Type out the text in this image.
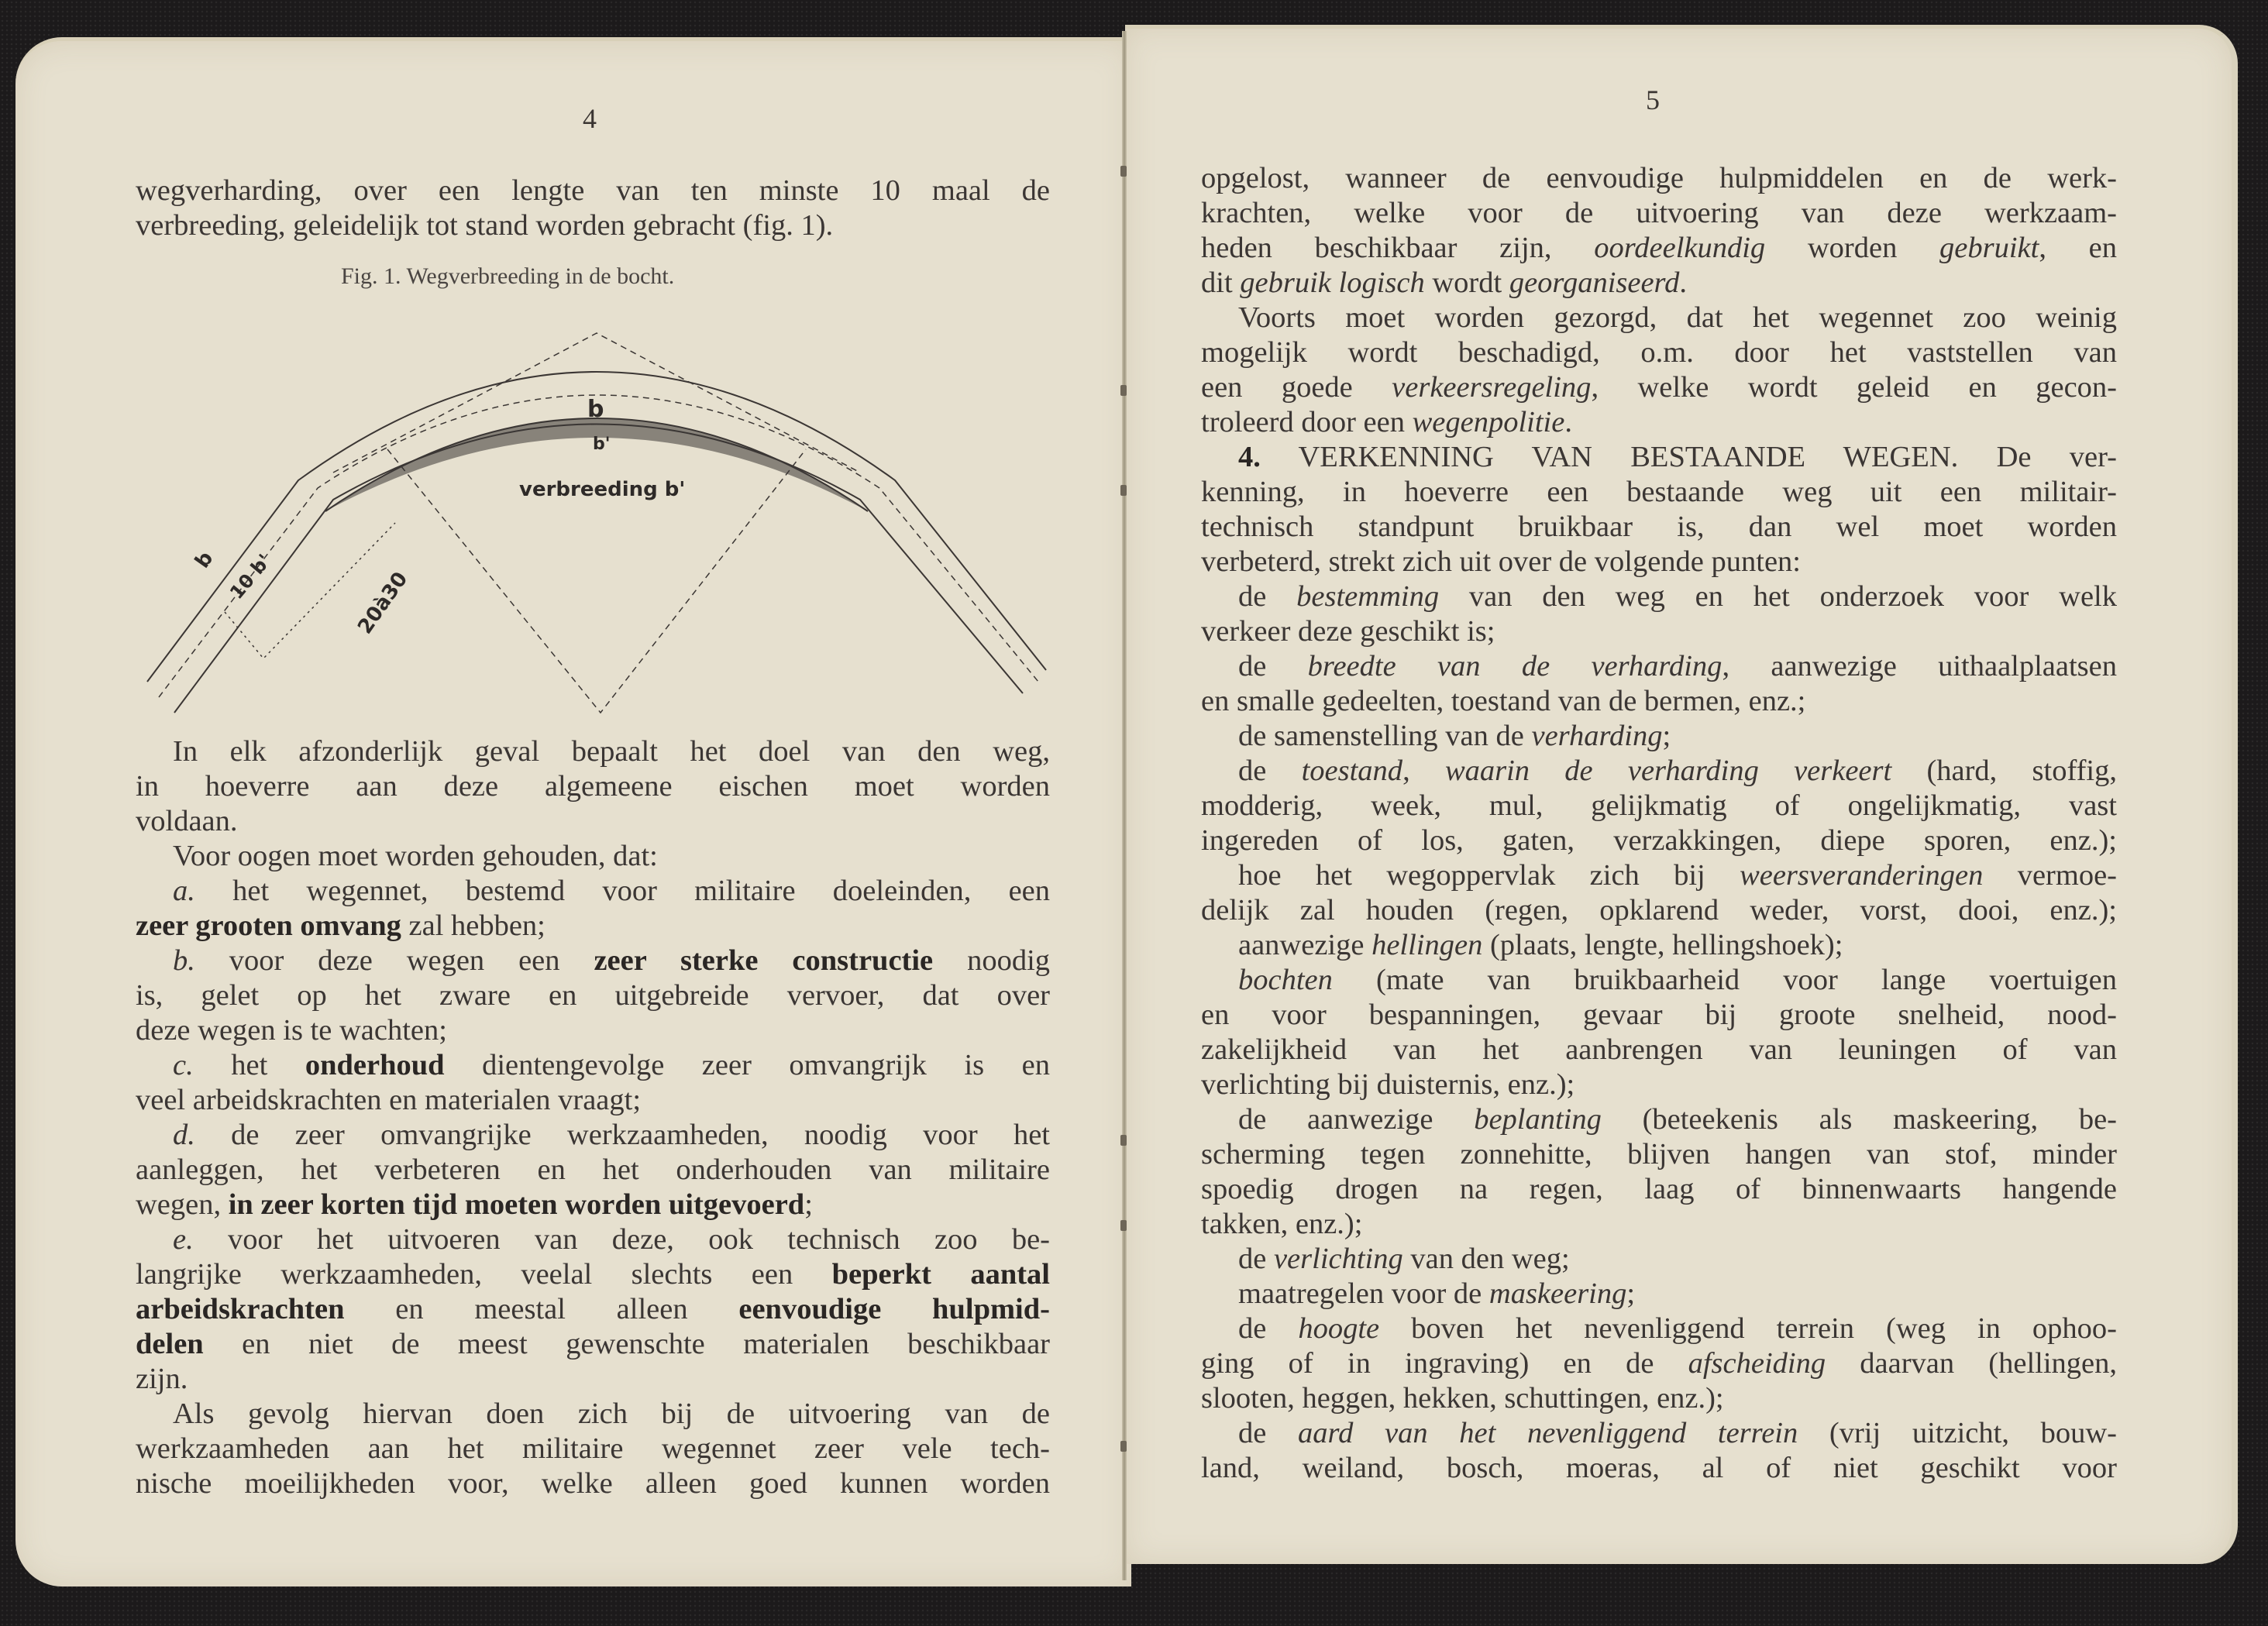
4
wegverharding, over een lengte van ten minste 10 maal de
verbreeding, geleidelijk tot stand worden gebracht (fig. 1).
Fig. 1. Wegverbreeding in de bocht.
b
b'
verbreeding b'
b 10 b'	20à30
In elk afzonderlijk geval bepaalt het doel van den weg,
in hoeverre aan deze algemeene eischen moet worden
voldaan.
Voor oogen moet worden gehouden, dat:
a. het wegennet, bestemd voor militaire doeleinden, een
zeer grooten omvang zal hebben;
b. voor deze wegen een zeer sterke constructie noodig
is, gelet op het zware en uitgebreide vervoer, dat over
deze wegen is te wachten;
c. het onderhoud dientengevolge zeer omvangrijk is en
veel arbeidskrachten en materialen vraagt;
d. de zeer omvangrijke werkzaamheden, noodig voor het
aanleggen, het verbeteren en het onderhouden van militaire
wegen, in zeer korten tijd moeten worden uitgevoerd;
e. voor het uitvoeren van deze, ook technisch zoo be-
langrijke werkzaamheden, veelal slechts een beperkt aantal
arbeidskrachten en meestal alleen eenvoudige hulpmid-
delen en niet de meest gewenschte materialen beschikbaar
zijn.
Als gevolg hiervan doen zich bij de uitvoering van de
werkzaamheden aan het militaire wegennet zeer vele tech-
nische moeilijkheden voor, welke alleen goed kunnen worden
5
opgelost, wanneer de eenvoudige hulpmiddelen en de werk-
krachten, welke voor de uitvoering van deze werkzaam-
heden beschikbaar zijn, oordeelkundig worden gebruikt, en
dit gebruik logisch wordt georganiseerd.
Voorts moet worden gezorgd, dat het wegennet zoo weinig
mogelijk wordt beschadigd, o.m. door het vaststellen van
een goede verkeersregeling, welke wordt geleid en gecon-
troleerd door een wegenpolitie.
4. VERKENNING VAN BESTAANDE WEGEN. De ver-
kenning, in hoeverre een bestaande weg uit een militair-
technisch standpunt bruikbaar is, dan wel moet worden
verbeterd, strekt zich uit over de volgende punten:
de bestemming van den weg en het onderzoek voor welk
verkeer deze geschikt is;
de breedte van de verharding, aanwezige uithaalplaatsen
en smalle gedeelten, toestand van de bermen, enz.;
de samenstelling van de verharding;
de toestand, waarin de verharding verkeert (hard, stoffig,
modderig, week, mul, gelijkmatig of ongelijkmatig, vast
ingereden of los, gaten, verzakkingen, diepe sporen, enz.);
hoe het wegoppervlak zich bij weersveranderingen vermoe-
delijk zal houden (regen, opklarend weder, vorst, dooi, enz.);
aanwezige hellingen (plaats, lengte, hellingshoek);
bochten (mate van bruikbaarheid voor lange voertuigen
en voor bespanningen, gevaar bij groote snelheid, nood-
zakelijkheid van het aanbrengen van leuningen of van
verlichting bij duisternis, enz.);
de aanwezige beplanting (beteekenis als maskeering, be-
scherming tegen zonnehitte, blijven hangen van stof, minder
spoedig drogen na regen, laag of binnenwaarts hangende
takken, enz.);
de verlichting van den weg;
maatregelen voor de maskeering;
de hoogte boven het nevenliggend terrein (weg in ophoo-
ging of in ingraving) en de afscheiding daarvan (hellingen,
slooten, heggen, hekken, schuttingen, enz.);
de aard van het nevenliggend terrein (vrij uitzicht, bouw-
land, weiland, bosch, moeras, al of niet geschikt voor
